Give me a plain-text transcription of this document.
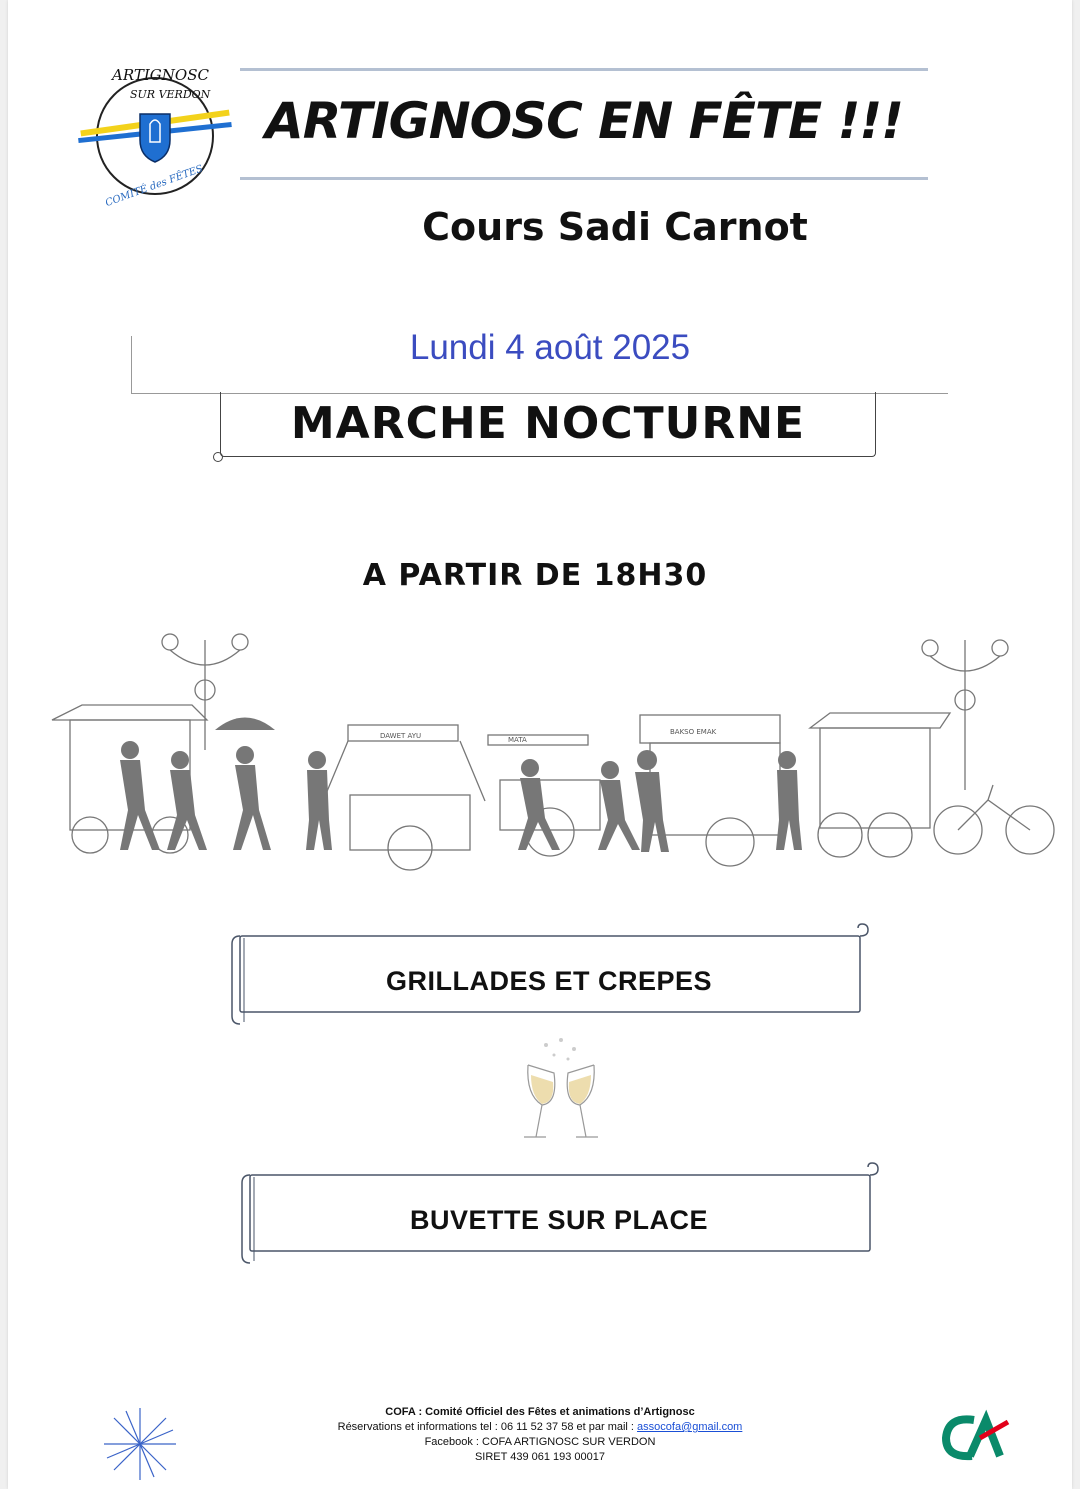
ARTIGNOSC
SUR VERDON
COMITÉ des FÊTES
ARTIGNOSC EN FÊTE !!!
Cours Sadi Carnot
Lundi 4 août 2025
MARCHE NOCTURNE
A PARTIR DE 18H30
DAWET AYU	BAKSO EMAK
MATA
GRILLADES ET CREPES
BUVETTE SUR PLACE
COFA : Comité Officiel des Fêtes et animations d’Artignosc
Réservations et informations tel : 06 11 52 37 58 et par mail : assocofa@gmail.com
Facebook : COFA ARTIGNOSC SUR VERDON
SIRET 439 061 193 00017
CA
